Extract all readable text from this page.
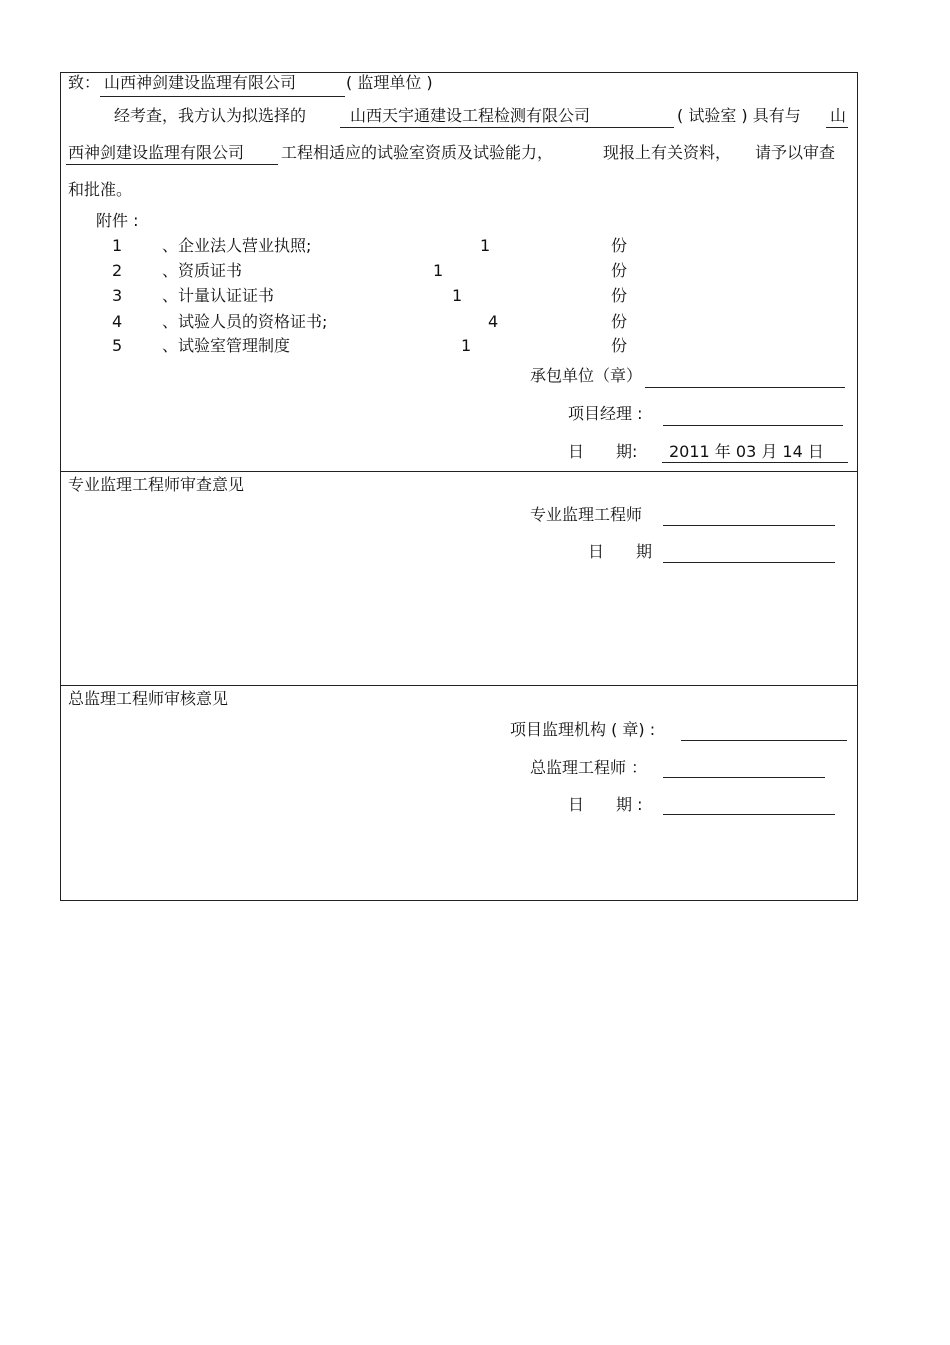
致： 山西神剑建设监理有限公司	( 监理单位 )
经考查，我方认为拟选择的	山西天宇通建设工程检测有限公司	( 试验室 ) 具有与 山
西神剑建设监理有限公司 工程相适应的试验室资质及试验能力，	现报上有关资料， 请予以审查
和批准。
附件 :
1 、企业法人营业执照;	1	份
2 、资质证书	1	份
3 、计量认证证书	1	份
4 、试验人员的资格证书;	4	份
5 、试验室管理制度	1	份
承包单位（章）
项目经理 :
日　　期: 2011 年 03 月 14 日
专业监理工程师审查意见
专业监理工程师
日　　期
总监理工程师审核意见
项目监理机构 ( 章) :
总监理工程师 ：
日　　期 :
